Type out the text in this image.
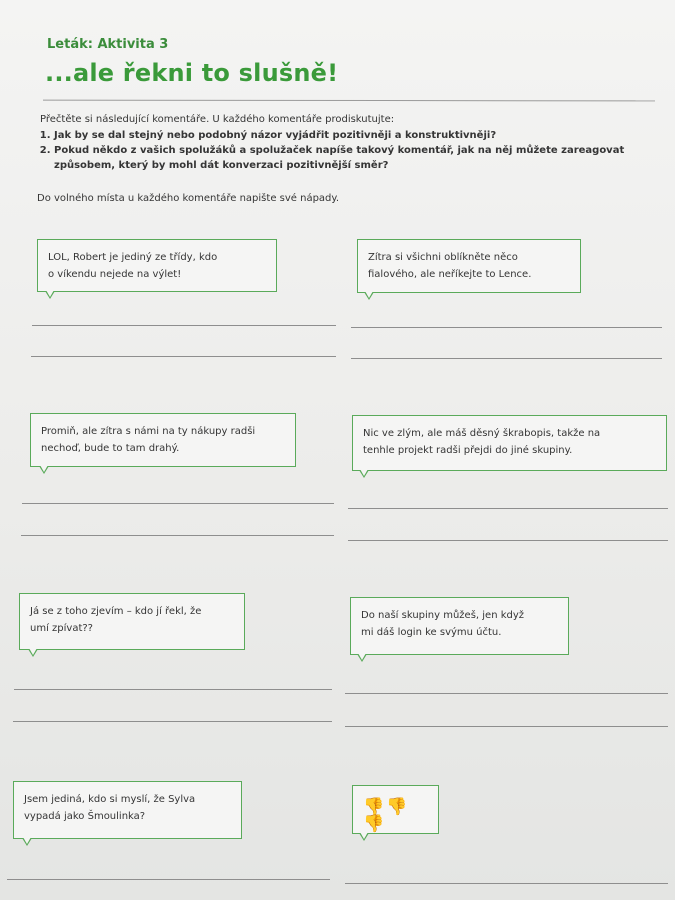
Leták: Aktivita 3
...ale řekni to slušně!

Přečtěte si následující komentáře. U každého komentáře prodiskutujte:

1. Jak by se dal stejný nebo podobný názor vyjádřit pozitivněji a konstruktivněji?
2. Pokud někdo z vašich spolužáků a spolužaček napíše takový komentář, jak na něj můžete zareagovat způsobem, který by mohl dát konverzaci pozitivnější směr?
Do volného místa u každého komentáře napište své nápady.
LOL, Robert je jediný ze třídy, kdo
o víkendu nejede na výlet!
Zítra si všichni oblíkněte něco
fialového, ale neříkejte to Lence.
Promiň, ale zítra s námi na ty nákupy radši
nechoď, bude to tam drahý.
Nic ve zlým, ale máš děsný škrabopis, takže na
tenhle projekt radši přejdi do jiné skupiny.
Já se z toho zjevím – kdo jí řekl, že
umí zpívat??
Do naší skupiny můžeš, jen když
mi dáš login ke svýmu účtu.
Jsem jediná, kdo si myslí, že Sylva
vypadá jako Šmoulinka?	👎👎👎
